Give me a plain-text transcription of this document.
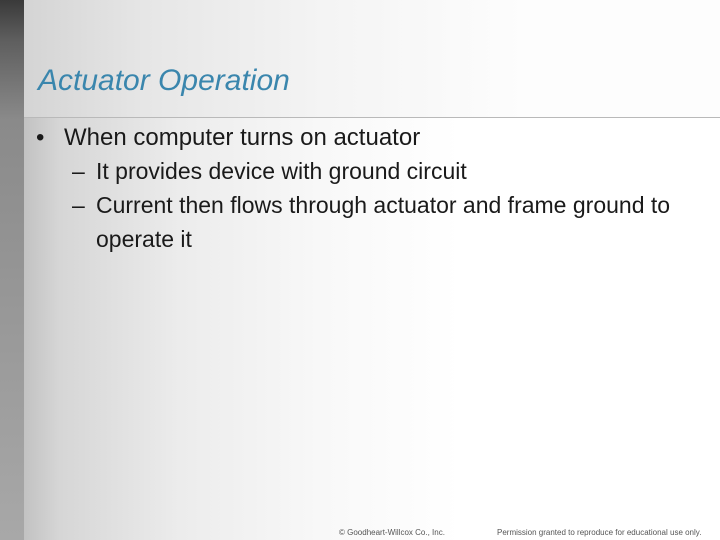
Actuator Operation
• When computer turns on actuator
– It provides device with ground circuit
– Current then flows through actuator and frame ground to operate it
© Goodheart-Willcox Co., Inc.	Permission granted to reproduce for educational use only.
